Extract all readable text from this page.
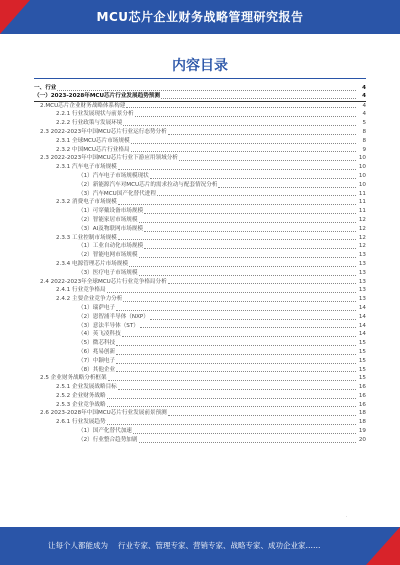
MCU芯片企业财务战略管理研究报告
内容目录
一、行业	4
（一）2023-2028年MCU芯片行业发展趋势预测	4
2.MCU芯片企业财务战略体系构建	4
2.2.1 行业发展现状与前景分析	4
2.2.2 行业政策与发展环境	5
2.3 2022-2023年中国MCU芯片行业运行态势分析	8
2.3.1 全球MCU芯片市场规模	8
2.3.2 中国MCU芯片行业格局	9
2.3 2022-2023年中国MCU芯片行业下游应用领域分析	10
2.3.1 汽车电子市场规模	10
（1）汽车电子市场规模现状	10
（2）新能源汽车对MCU芯片的需求拉动与配套情况分析	10
（3）汽车MCU国产化替代进程	11
2.3.2 消费电子市场规模	11
（1）可穿戴设备市场规模	11
（2）智能家居市场规模	12
（3）AI及物联网市场规模	12
2.3.3 工业控制市场规模	12
（1）工业自动化市场规模	12
（2）智能电网市场规模	13
2.3.4 电源管理芯片市场规模	13
（3）医疗电子市场规模	13
2.4 2022-2023年全球MCU芯片行业竞争格局分析	13
2.4.1 行业竞争格局	13
2.4.2 主要企业竞争力分析	13
（1）瑞萨电子	14
（2）恩智浦半导体（NXP）	14
（3）意法半导体（ST）	14
（4）英飞凌科技	14
（5）微芯科技	15
（6）兆易创新	15
（7）中颖电子	15
（8）其他企业	15
2.5 企业财务战略分析框架	15
2.5.1 企业发展战略目标	16
2.5.2 企业财务战略	16
2.5.3 企业竞争战略	16
2.6 2023-2028年中国MCU芯片行业发展前景预测	18
2.6.1 行业发展趋势	18
（1）国产化替代加速	19
（2）行业整合趋势加剧	20
·
让每个人都能成为 行业专家、管理专家、营销专家、战略专家、成功企业家……
